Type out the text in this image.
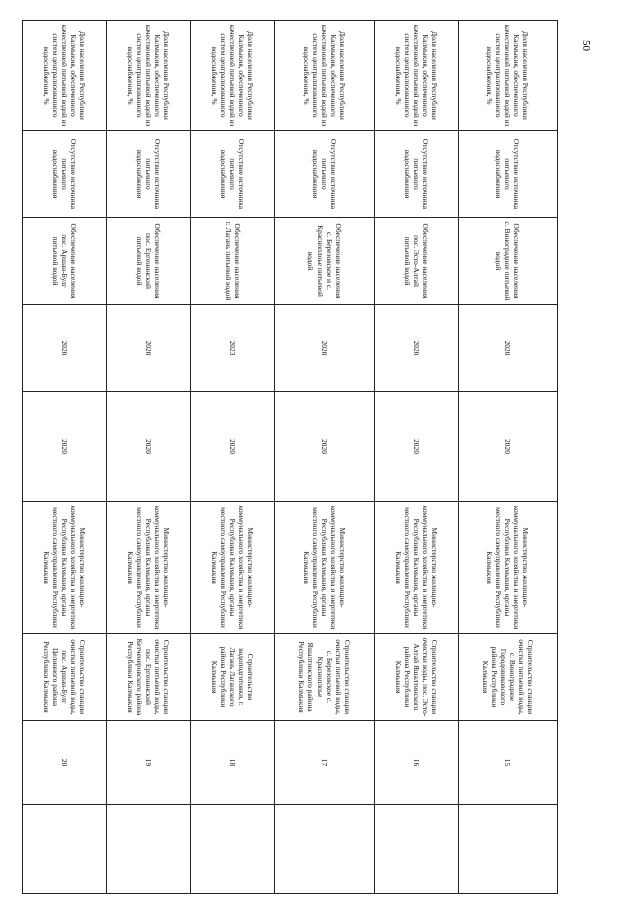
50
Доля населения Республики Калмыкия, обеспеченного качественной питьевой водой из систем централизованного водоснабжения, %	Отсутствие источника питьевого водоснабжения	Обеспечение населения с. Виноградное питьевой водой	2020	2020	Министерство жилищно-коммунального хозяйства и энергетики Республики Калмыкия, органы местного самоуправления Республики Калмыкия	Строительство станции очистки питьевой воды, с. Виноградное Городовиковского района Республики Калмыкия	15	
Доля населения Республики Калмыкия, обеспеченного качественной питьевой водой из систем централизованного водоснабжения, %	Отсутствие источника питьевого водоснабжения	Обеспечение населения пос. Эсто-Алтай питьевой водой	2020	2020	Министерство жилищно-коммунального хозяйства и энергетики Республики Калмыкия, органы местного самоуправления Республики Калмыкия	Строительство станции очистки воды, пос. Эсто-Алтай Яшалтинского района Республики Калмыкия	16	
Доля населения Республики Калмыкия, обеспеченного качественной питьевой водой из систем централизованного водоснабжения, %	Отсутствие источника питьевого водоснабжения	Обеспечение населения с. Березовское и с. Красноплоье питьевой водой	2020	2020	Министерство жилищно-коммунального хозяйства и энергетики Республики Калмыкия, органы местного самоуправления Республики Калмыкия	Строительство станции очистки питьевой воды, с. Березовское с. Красноплоье Яшалтинского района Республики Калмыкия	17	
Доля населения Республики Калмыкия, обеспеченного качественной питьевой водой из систем централизованного водоснабжения, %	Отсутствие источника питьевого водоснабжения	Обеспечение населения г. Лагань питьевой водой	2023	2020	Министерство жилищно-коммунального хозяйства и энергетики Республики Калмыкия, органы местного самоуправления Республики Калмыкия	Строительство водоподготовки, г. Лагань Лаганского района Республики Калмыкия	18	
Доля населения Республики Калмыкия, обеспеченного качественной питьевой водой из систем централизованного водоснабжения, %	Отсутствие источника питьевого водоснабжения	Обеспечение населения пос. Ергенинский питьевой водой	2020	2020	Министерство жилищно-коммунального хозяйства и энергетики Республики Калмыкия, органы местного самоуправления Республики Калмыкия	Строительство станции очистки питьевой воды, пос. Ергенинский Кетченеровского района Республики Калмыкия	19	
Доля населения Республики Калмыкия, обеспеченного качественной питьевой водой из систем централизованного водоснабжения, %	Отсутствие источника питьевого водоснабжения	Обеспечение населения пос. Аршан-Булг питьевой водой	2020	2020	Министерство жилищно-коммунального хозяйства и энергетики Республики Калмыкия, органы местного самоуправления Республики Калмыкия	Строительство станции очистки питьевой воды, пос. Аршан-Булг Целинного района Республики Калмыкия	20	
